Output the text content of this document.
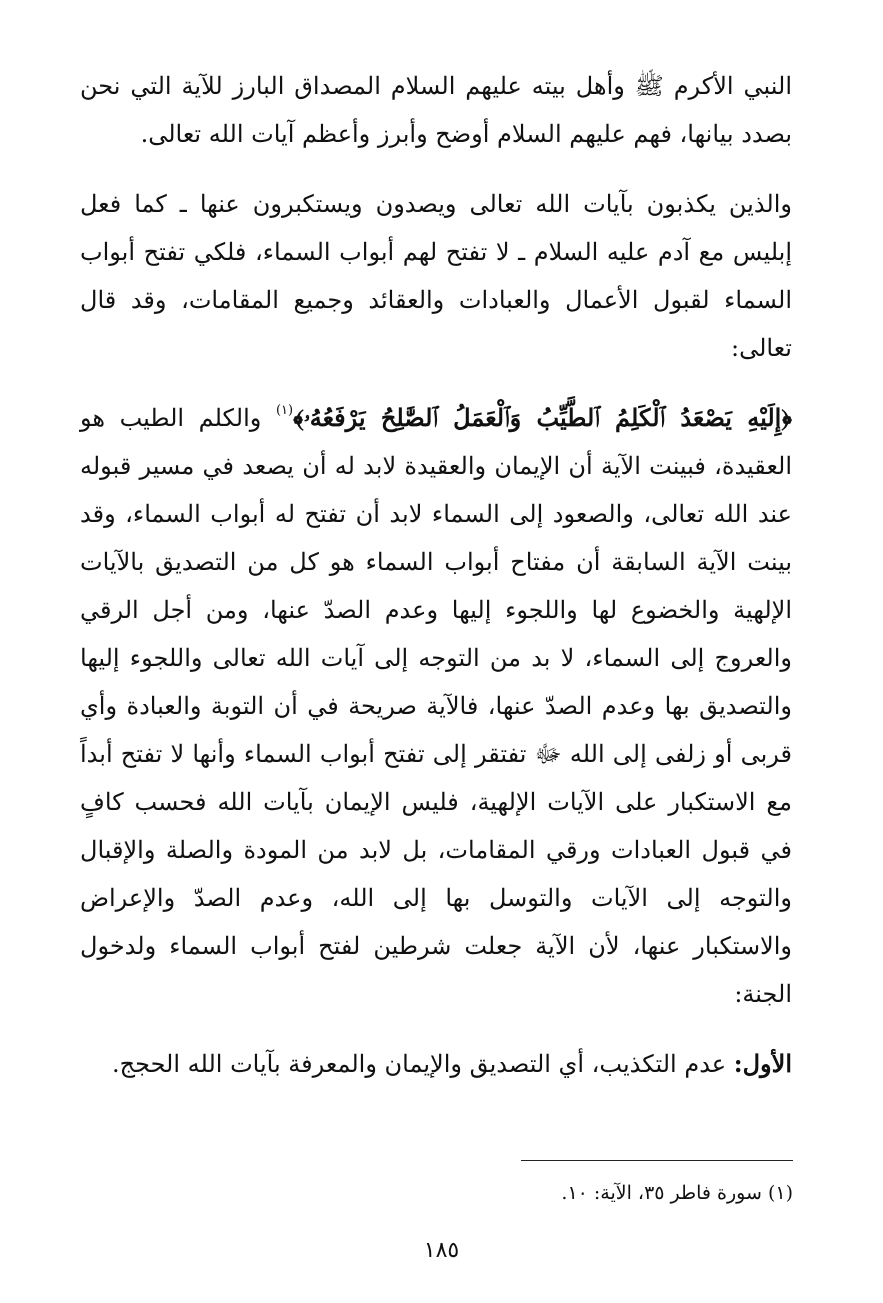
النبي الأكرم ﷺ وأهل بيته عليهم السلام المصداق البارز للآية التي نحن بصدد بيانها، فهم عليهم السلام أوضح وأبرز وأعظم آيات الله تعالى.

والذين يكذبون بآيات الله تعالى ويصدون ويستكبرون عنها ـ كما فعل إبليس مع آدم عليه السلام ـ لا تفتح لهم أبواب السماء، فلكي تفتح أبواب السماء لقبول الأعمال والعبادات والعقائد وجميع المقامات، وقد قال تعالى:

﴿إِلَيْهِ يَصْعَدُ ٱلْكَلِمُ ٱلطَّيِّبُ وَٱلْعَمَلُ ٱلصَّٰلِحُ يَرْفَعُهُۥ﴾$^{(١)}$ والكلم الطيب هو العقيدة، فبينت الآية أن الإيمان والعقيدة لابد له أن يصعد في مسير قبوله عند الله تعالى، والصعود إلى السماء لابد أن تفتح له أبواب السماء، وقد بينت الآية السابقة أن مفتاح أبواب السماء هو كل من التصديق بالآيات الإلهية والخضوع لها واللجوء إليها وعدم الصدّ عنها، ومن أجل الرقي والعروج إلى السماء، لا بد من التوجه إلى آيات الله تعالى واللجوء إليها والتصديق بها وعدم الصدّ عنها، فالآية صريحة في أن التوبة والعبادة وأي قربى أو زلفى إلى الله ﷻ تفتقر إلى تفتح أبواب السماء وأنها لا تفتح أبداً مع الاستكبار على الآيات الإلهية، فليس الإيمان بآيات الله فحسب كافٍ في قبول العبادات ورقي المقامات، بل لابد من المودة والصلة والإقبال والتوجه إلى الآيات والتوسل بها إلى الله، وعدم الصدّ والإعراض والاستكبار عنها، لأن الآية جعلت شرطين لفتح أبواب السماء ولدخول الجنة:

الأول: عدم التكذيب، أي التصديق والإيمان والمعرفة بآيات الله الحجج.

(١) سورة فاطر ٣٥، الآية: ١٠.
١٨٥
